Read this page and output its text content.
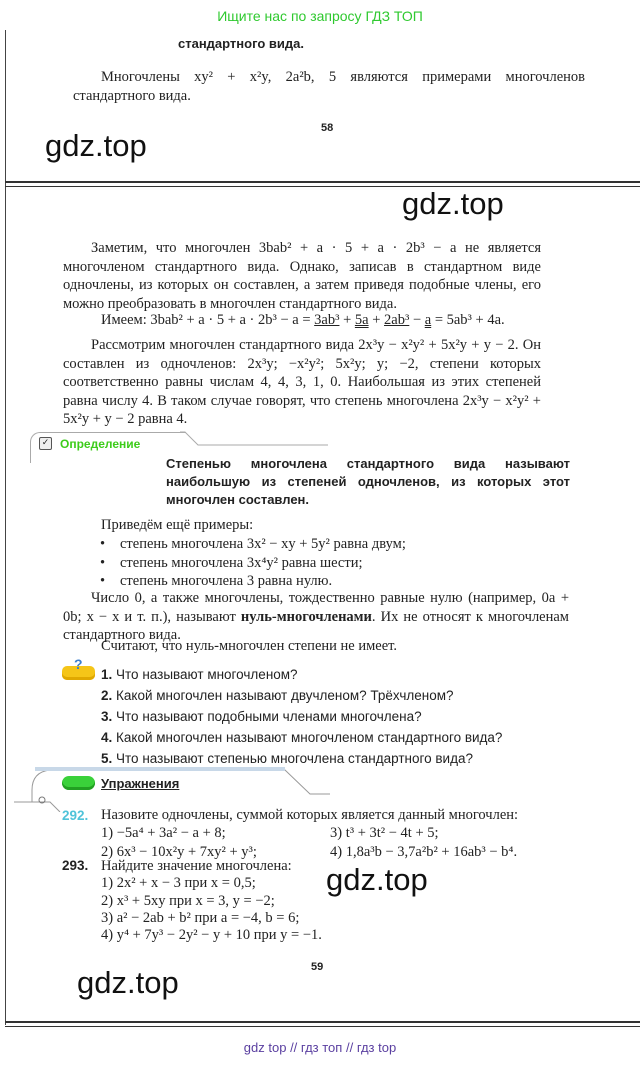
Ищите нас по запросу ГДЗ ТОП
стандартного вида.
Многочлены xy² + x²y, 2a²b, 5 являются примерами многочленов стандартного вида.
58
gdz.top
gdz.top
Заметим, что многочлен 3bab² + a · 5 + a · 2b³ − a не является многочленом стандартного вида. Однако, записав в стандартном виде одночлены, из которых он составлен, а затем приведя подобные члены, его можно преобразовать в многочлен стандартного вида.
Имеем: 3bab² + a · 5 + a · 2b³ − a = 3ab³ + 5a + 2ab³ − a = 5ab³ + 4a.
Рассмотрим многочлен стандартного вида 2x³y − x²y² + 5x²y + y − 2. Он составлен из одночленов: 2x³y; −x²y²; 5x²y; y; −2, степени которых соответственно равны числам 4, 4, 3, 1, 0. Наибольшая из этих степеней равна числу 4. В таком случае говорят, что степень многочлена 2x³y − x²y² + 5x²y + y − 2 равна 4.
✓ Определение
Степенью многочлена стандартного вида называют наибольшую из степеней одночленов, из которых этот многочлен составлен.
Приведём ещё примеры:
• степень многочлена 3x² − xy + 5y² равна двум;
• степень многочлена 3x⁴y² равна шести;
• степень многочлена 3 равна нулю.
Число 0, а также многочлены, тождественно равные нулю (например, 0a + 0b; x − x и т. п.), называют нуль-многочленами. Их не относят к многочленам стандартного вида.
Считают, что нуль-многочлен степени не имеет.
?
1. Что называют многочленом?
2. Какой многочлен называют двучленом? Трёхчленом?
3. Что называют подобными членами многочлена?
4. Какой многочлен называют многочленом стандартного вида?
5. Что называют степенью многочлена стандартного вида?
Упражнения
292. Назовите одночлены, суммой которых является данный многочлен:
1) −5a⁴ + 3a² − a + 8;	3) t³ + 3t² − 4t + 5;
2) 6x³ − 10x²y + 7xy² + y³;	4) 1,8a³b − 3,7a²b² + 16ab³ − b⁴.
293. Найдите значение многочлена:
1) 2x² + x − 3 при x = 0,5;
2) x³ + 5xy при x = 3, y = −2;
3) a² − 2ab + b² при a = −4, b = 6;
4) y⁴ + 7y³ − 2y² − y + 10 при y = −1.
gdz.top
59
gdz.top
gdz top // гдз топ // гдз top
